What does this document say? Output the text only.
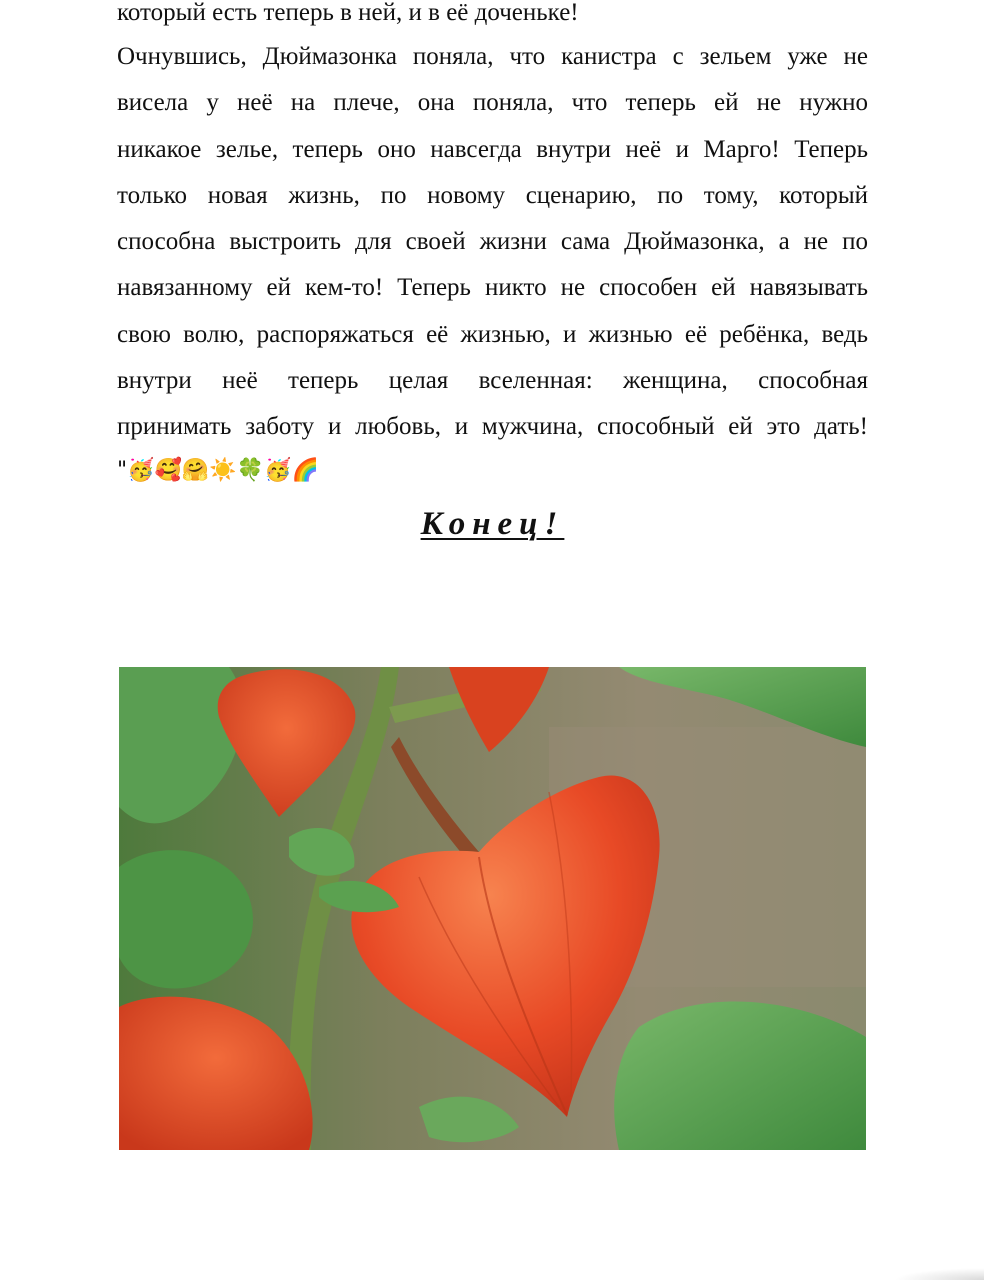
который есть теперь в ней, и в её доченьке!

Очнувшись, Дюймазонка поняла, что канистра с зельем уже не
висела у неё на плече, она поняла, что теперь ей не нужно
никакое зелье, теперь оно навсегда внутри неё и Марго! Теперь
только новая жизнь, по новому сценарию, по тому, который
способна выстроить для своей жизни сама Дюймазонка, а не по
навязанному ей кем-то! Теперь никто не способен ей навязывать
свою волю, распоряжаться её жизнью, и жизнью её ребёнка, ведь
внутри неё теперь целая вселенная: женщина, способная
принимать заботу и любовь, и мужчина, способный ей это дать!
"🥳🥰🤗☀️🍀🥳🌈
Конец!
